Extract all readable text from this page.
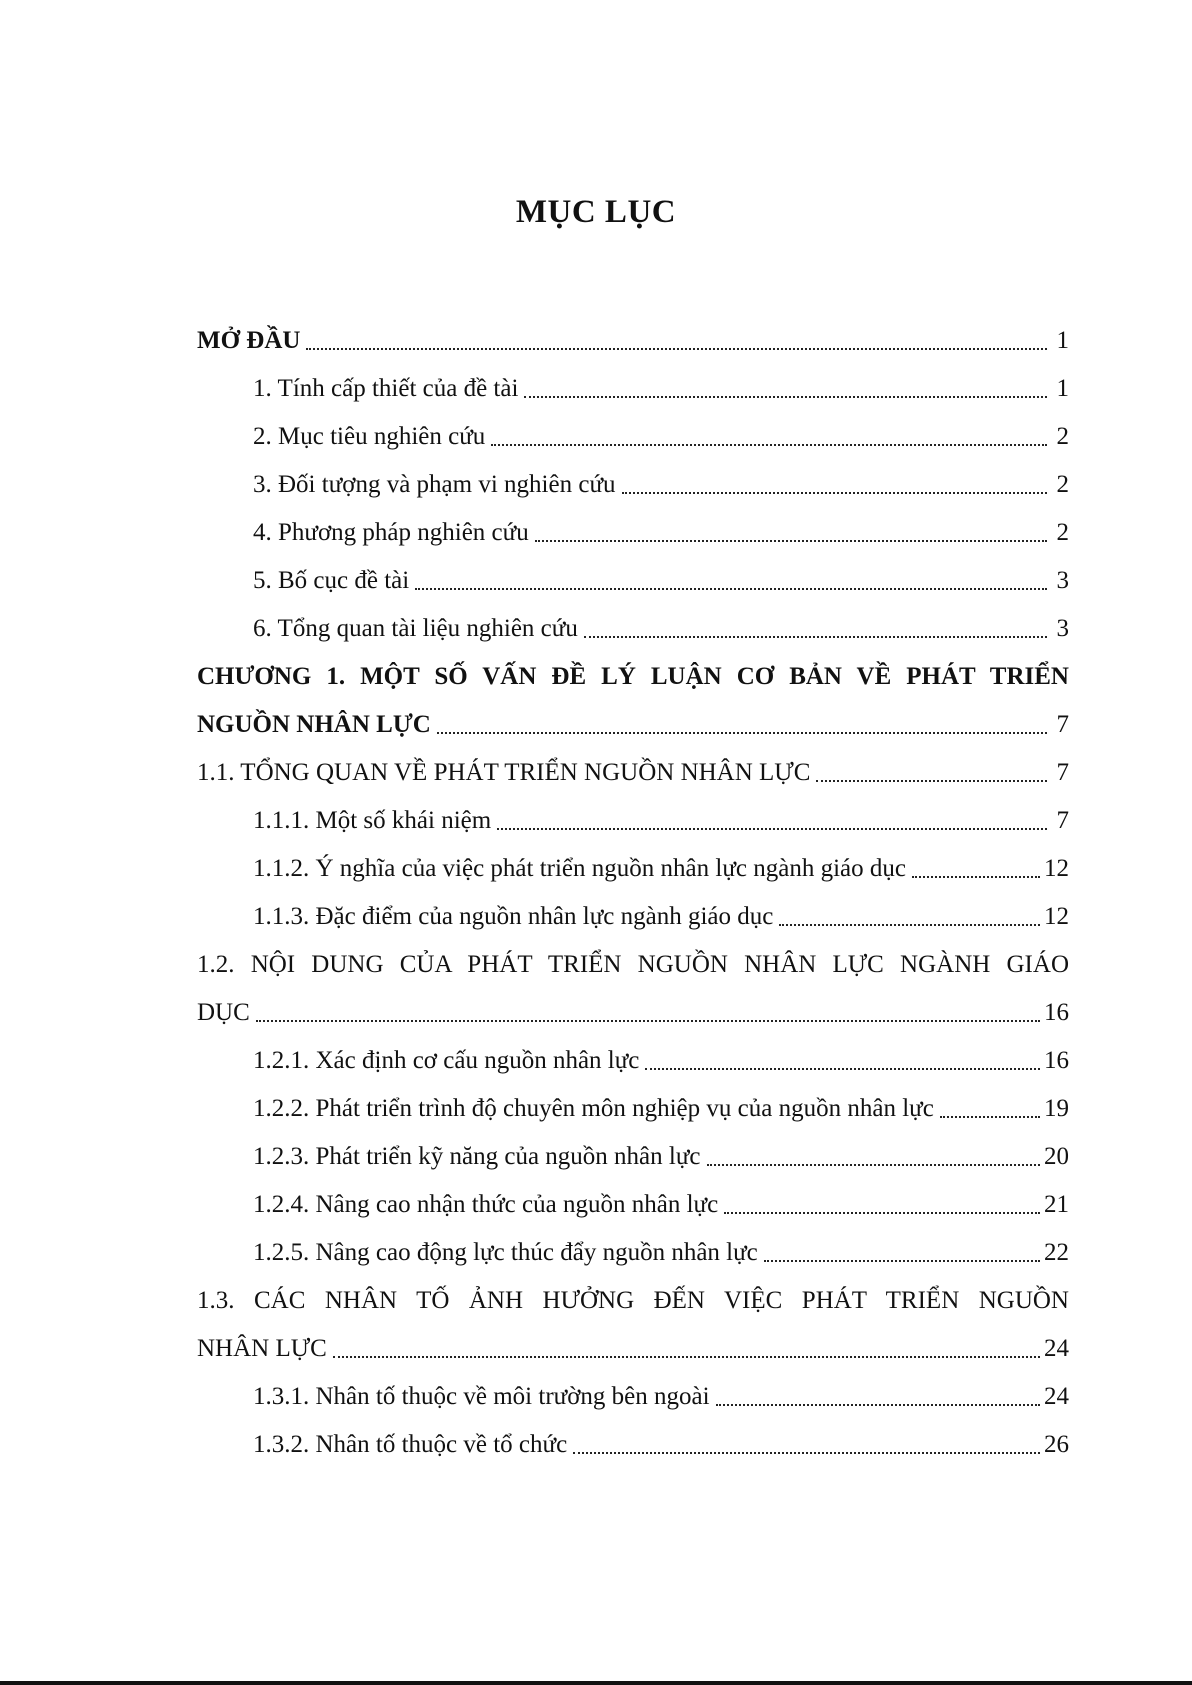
MỤC LỤC
MỞ ĐẦU	1
1. Tính cấp thiết của đề tài	1
2. Mục tiêu nghiên cứu	2
3. Đối tượng và phạm vi nghiên cứu	2
4. Phương pháp nghiên cứu	2
5. Bố cục đề tài	3
6. Tổng quan tài liệu nghiên cứu	3
CHƯƠNG 1. MỘT SỐ VẤN ĐỀ LÝ LUẬN CƠ BẢN VỀ PHÁT TRIỂN
NGUỒN NHÂN LỰC	7
1.1. TỔNG QUAN VỀ PHÁT TRIỂN NGUỒN NHÂN LỰC	7
1.1.1. Một số khái niệm	7
1.1.2. Ý nghĩa của việc phát triển nguồn nhân lực ngành giáo dục	12
1.1.3. Đặc điểm của nguồn nhân lực ngành giáo dục	12
1.2. NỘI DUNG CỦA PHÁT TRIỂN NGUỒN NHÂN LỰC NGÀNH GIÁO
DỤC	16
1.2.1. Xác định cơ cấu nguồn nhân lực	16
1.2.2. Phát triển trình độ chuyên môn nghiệp vụ của nguồn nhân lực	19
1.2.3. Phát triển kỹ năng của nguồn nhân lực	20
1.2.4. Nâng cao nhận thức của nguồn nhân lực	21
1.2.5. Nâng cao động lực thúc đẩy nguồn nhân lực	22
1.3. CÁC NHÂN TỐ ẢNH HƯỞNG ĐẾN VIỆC PHÁT TRIỂN NGUỒN
NHÂN LỰC	24
1.3.1. Nhân tố thuộc về môi trường bên ngoài	24
1.3.2. Nhân tố thuộc về tổ chức	26
